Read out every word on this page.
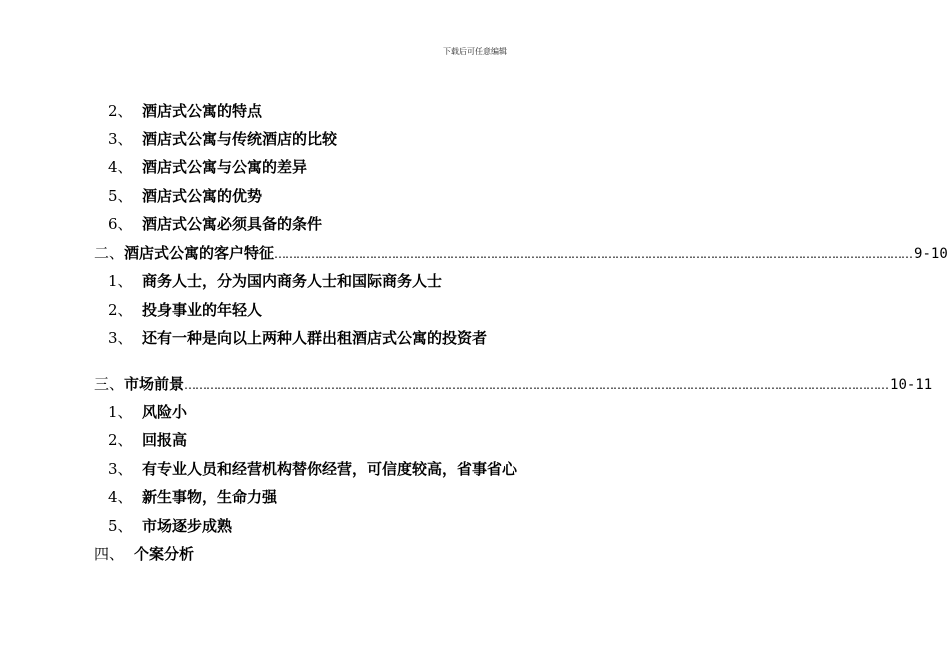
下载后可任意编辑
2、 酒店式公寓的特点
3、 酒店式公寓与传统酒店的比较
4、 酒店式公寓与公寓的差异
5、 酒店式公寓的优势
6、 酒店式公寓必须具备的条件
二、 酒店式公寓的客户特征 ………………………………………………………………………………………………………………………………………………………… 9-10
1、 商务人士，分为国内商务人士和国际商务人士
2、 投身事业的年轻人
3、 还有一种是向以上两种人群出租酒店式公寓的投资者
三、 市场前景 ………………………………………………………………………………………………………………………………………………………………………… 10-11
1、 风险小
2、 回报高
3、 有专业人员和经营机构替你经营，可信度较高，省事省心
4、 新生事物，生命力强
5、 市场逐步成熟
四、 个案分析
